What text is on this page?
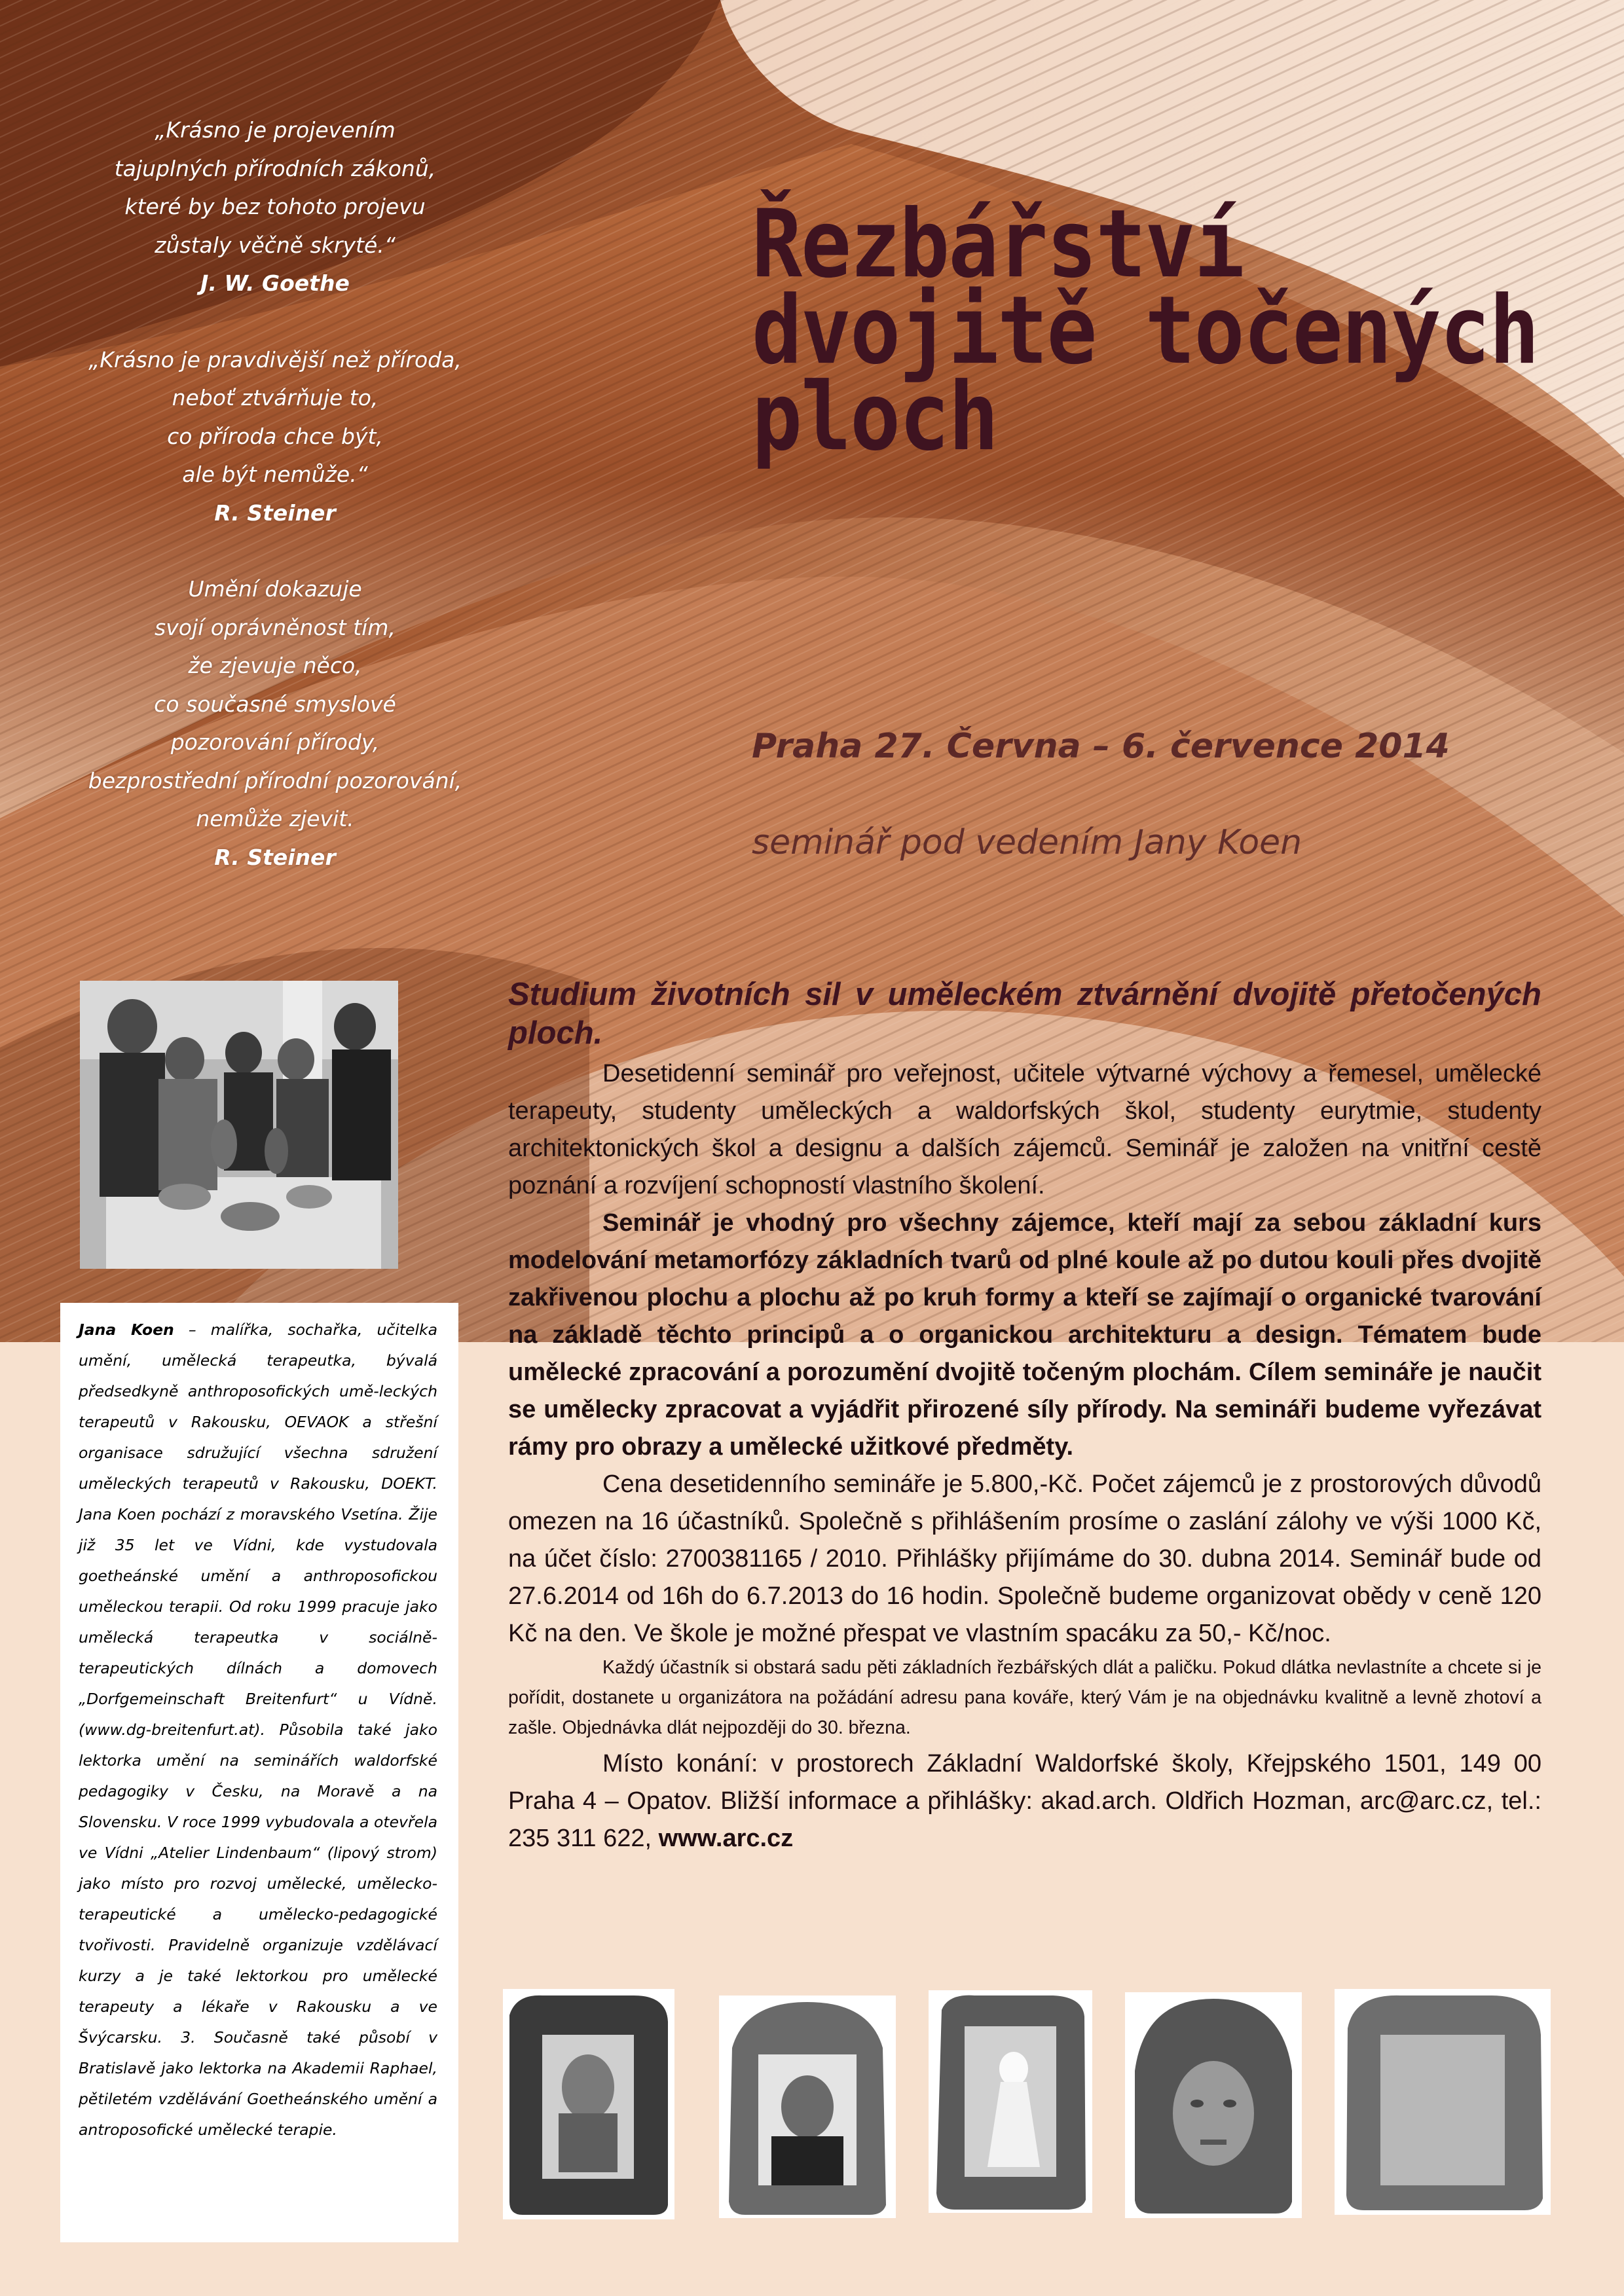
„Krásno je projevením
tajuplných přírodních zákonů,
které by bez tohoto projevu
zůstaly věčně skryté.“
J. W. Goethe
„Krásno je pravdivější než příroda,
neboť ztvárňuje to,
co příroda chce být,
ale být nemůže.“
R. Steiner
Umění dokazuje
svojí oprávněnost tím,
že zjevuje něco,
co současné smyslové
pozorování přírody,
bezprostřední přírodní pozorování,
nemůže zjevit.
R. Steiner
Řezbářství
dvojitě točených
ploch
Praha 27. Června – 6. července 2014
seminář pod vedením Jany Koen
Jana Koen – malířka, sochařka, učitelka umění, umělecká terapeutka, bývalá předsedkyně anthroposofických umě-leckých terapeutů v Rakousku, OEVAOK a střešní organisace sdružující všechna sdružení uměleckých terapeutů v Rakousku, DOEKT. Jana Koen pochází z moravského Vsetína. Žije již 35 let ve Vídni, kde vystudovala goetheánské umění a anthroposofickou uměleckou terapii. Od roku 1999 pracuje jako umělecká terapeutka v sociálně-terapeutických dílnách a domovech „Dorfgemeinschaft Breitenfurt“ u Vídně. (www.dg-breitenfurt.at). Působila také jako lektorka umění na seminářích waldorfské pedagogiky v Česku, na Moravě a na Slovensku. V roce 1999 vybudovala a otevřela ve Vídni „Atelier Lindenbaum“ (lipový strom) jako místo pro rozvoj umělecké, umělecko-terapeutické a umělecko-pedagogické tvořivosti. Pravidelně organizuje vzdělávací kurzy a je také lektorkou pro umělecké terapeuty a lékaře v Rakousku a ve Švýcarsku. 3. Současně také působí v Bratislavě jako lektorka na Akademii Raphael, pětiletém vzdělávání Goetheánského umění a antroposofické umělecké terapie.

Studium životních sil v uměleckém ztvárnění dvojitě přetočených ploch.

Desetidenní seminář pro veřejnost, učitele výtvarné výchovy a řemesel, umělecké terapeuty, studenty uměleckých a waldorfských škol, studenty eurytmie, studenty architektonických škol a designu a dalších zájemců. Seminář je založen na vnitřní cestě poznání a rozvíjení schopností vlastního školení.

Seminář je vhodný pro všechny zájemce, kteří mají za sebou základní kurs modelování metamorfózy základních tvarů od plné koule až po dutou kouli přes dvojitě zakřivenou plochu a plochu až po kruh formy a kteří se zajímají o organické tvarování na základě těchto principů a o organickou architekturu a design. Tématem bude umělecké zpracování a porozumění dvojitě točeným plochám. Cílem semináře je naučit se umělecky zpracovat a vyjádřit přirozené síly přírody. Na semináři budeme vyřezávat rámy pro obrazy a umělecké užitkové předměty.

Cena desetidenního semináře je 5.800,-Kč. Počet zájemců je z prostorových důvodů omezen na 16 účastníků. Společně s přihlášením prosíme o zaslání zálohy ve výši 1000 Kč, na účet číslo: 2700381165 / 2010. Přihlášky přijímáme do 30. dubna 2014. Seminář bude od 27.6.2014 od 16h do 6.7.2013 do 16 hodin. Společně budeme organizovat obědy v ceně 120 Kč na den. Ve škole je možné přespat ve vlastním spacáku za 50,- Kč/noc.

Každý účastník si obstará sadu pěti základních řezbářských dlát a paličku. Pokud dlátka nevlastníte a chcete si je pořídit, dostanete u organizátora na požádání adresu pana kováře, který Vám je na objednávku kvalitně a levně zhotoví a zašle. Objednávka dlát nejpozději do 30. března.

Místo konání: v prostorech Základní Waldorfské školy, Křejpského 1501, 149 00 Praha 4 – Opatov. Bližší informace a přihlášky: akad.arch. Oldřich Hozman, arc@arc.cz, tel.: 235 311 622, www.arc.cz
